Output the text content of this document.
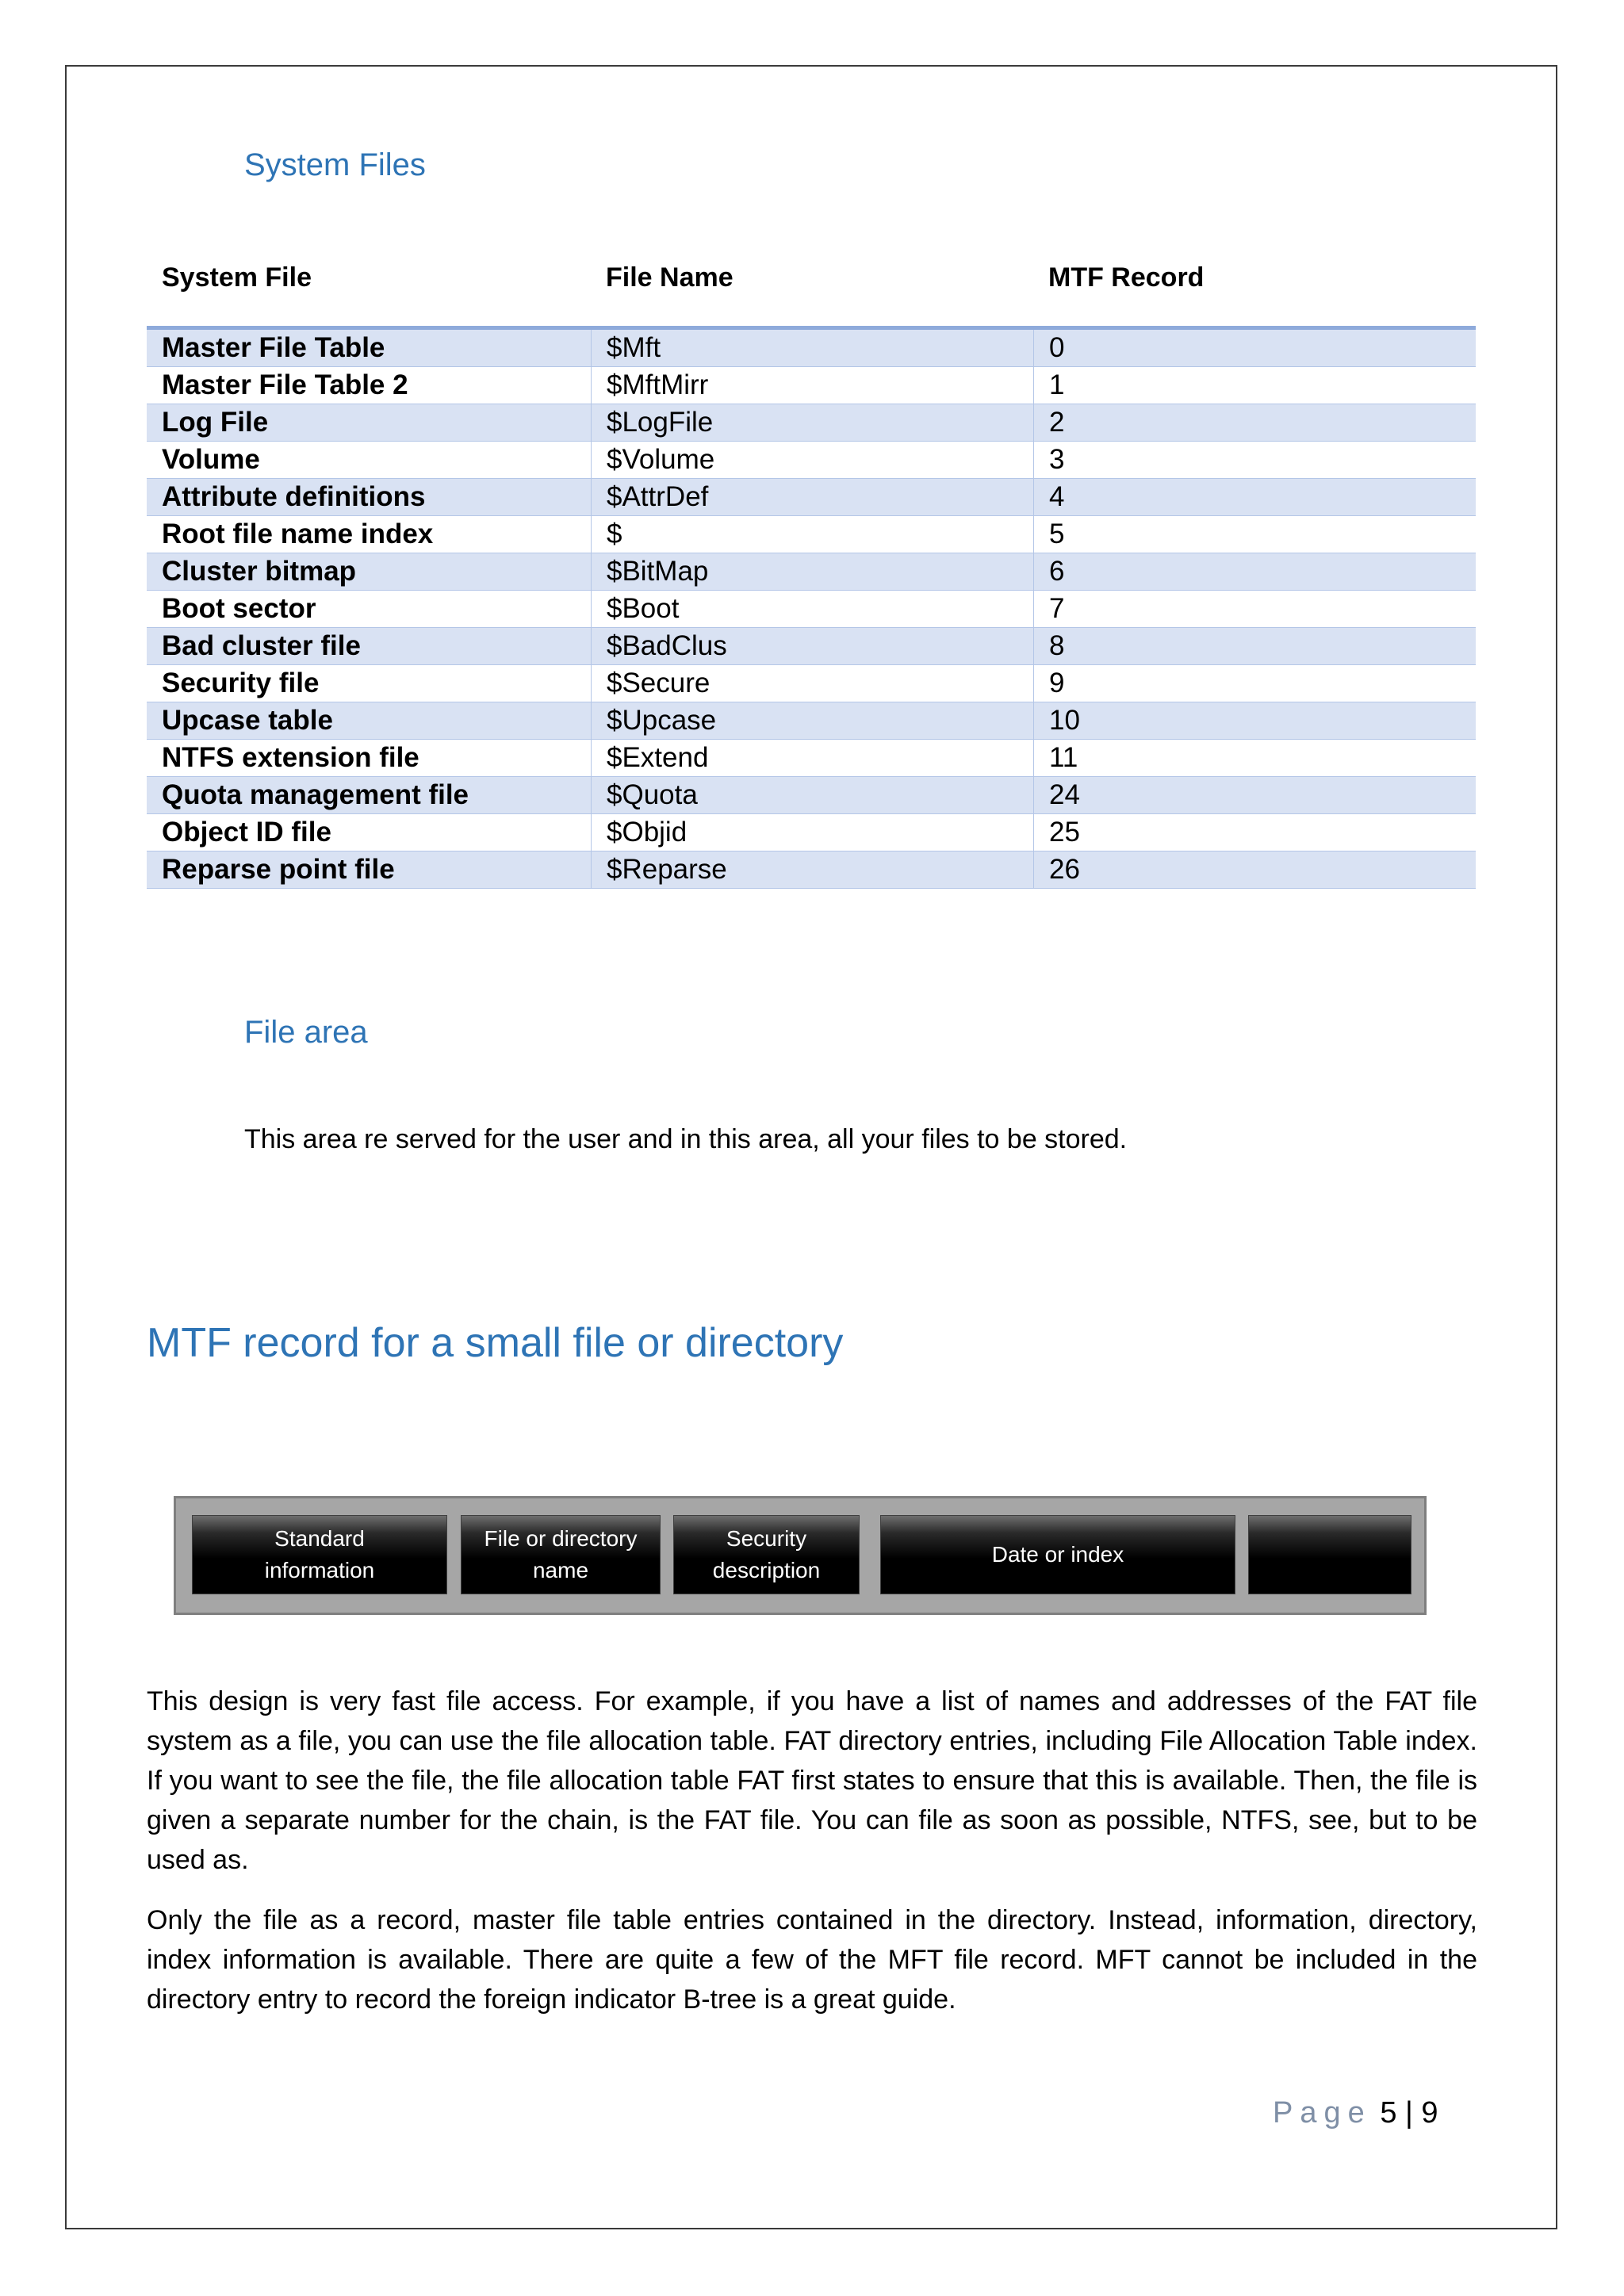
System Files
System File	File Name	MTF Record
Master File Table	$Mft	0
Master File Table 2	$MftMirr	1
Log File	$LogFile	2
Volume	$Volume	3
Attribute definitions	$AttrDef	4
Root file name index	$	5
Cluster bitmap	$BitMap	6
Boot sector	$Boot	7
Bad cluster file	$BadClus	8
Security file	$Secure	9
Upcase table	$Upcase	10
NTFS extension file	$Extend	11
Quota management file	$Quota	24
Object ID file	$Objid	25
Reparse point file	$Reparse	26
File area

This area re served for the user and in this area, all your files to be stored.

MTF record for a small file or directory
Standard
information
File or directory
name
Security
description
Date or index

This design is very fast file access. For example, if you have a list of names and addresses of the FAT file system as a file, you can use the file allocation table. FAT directory entries, including File Allocation Table index. If you want to see the file, the file allocation table FAT first states to ensure that this is available. Then, the file is given a separate number for the chain, is the FAT file. You can file as soon as possible, NTFS, see, but to be used as.

Only the file as a record, master file table entries contained in the directory. Instead, information, directory, index information is available. There are quite a few of the MFT file record. MFT cannot be included in the directory entry to record the foreign indicator B-tree is a great guide.

Page 5 | 9
